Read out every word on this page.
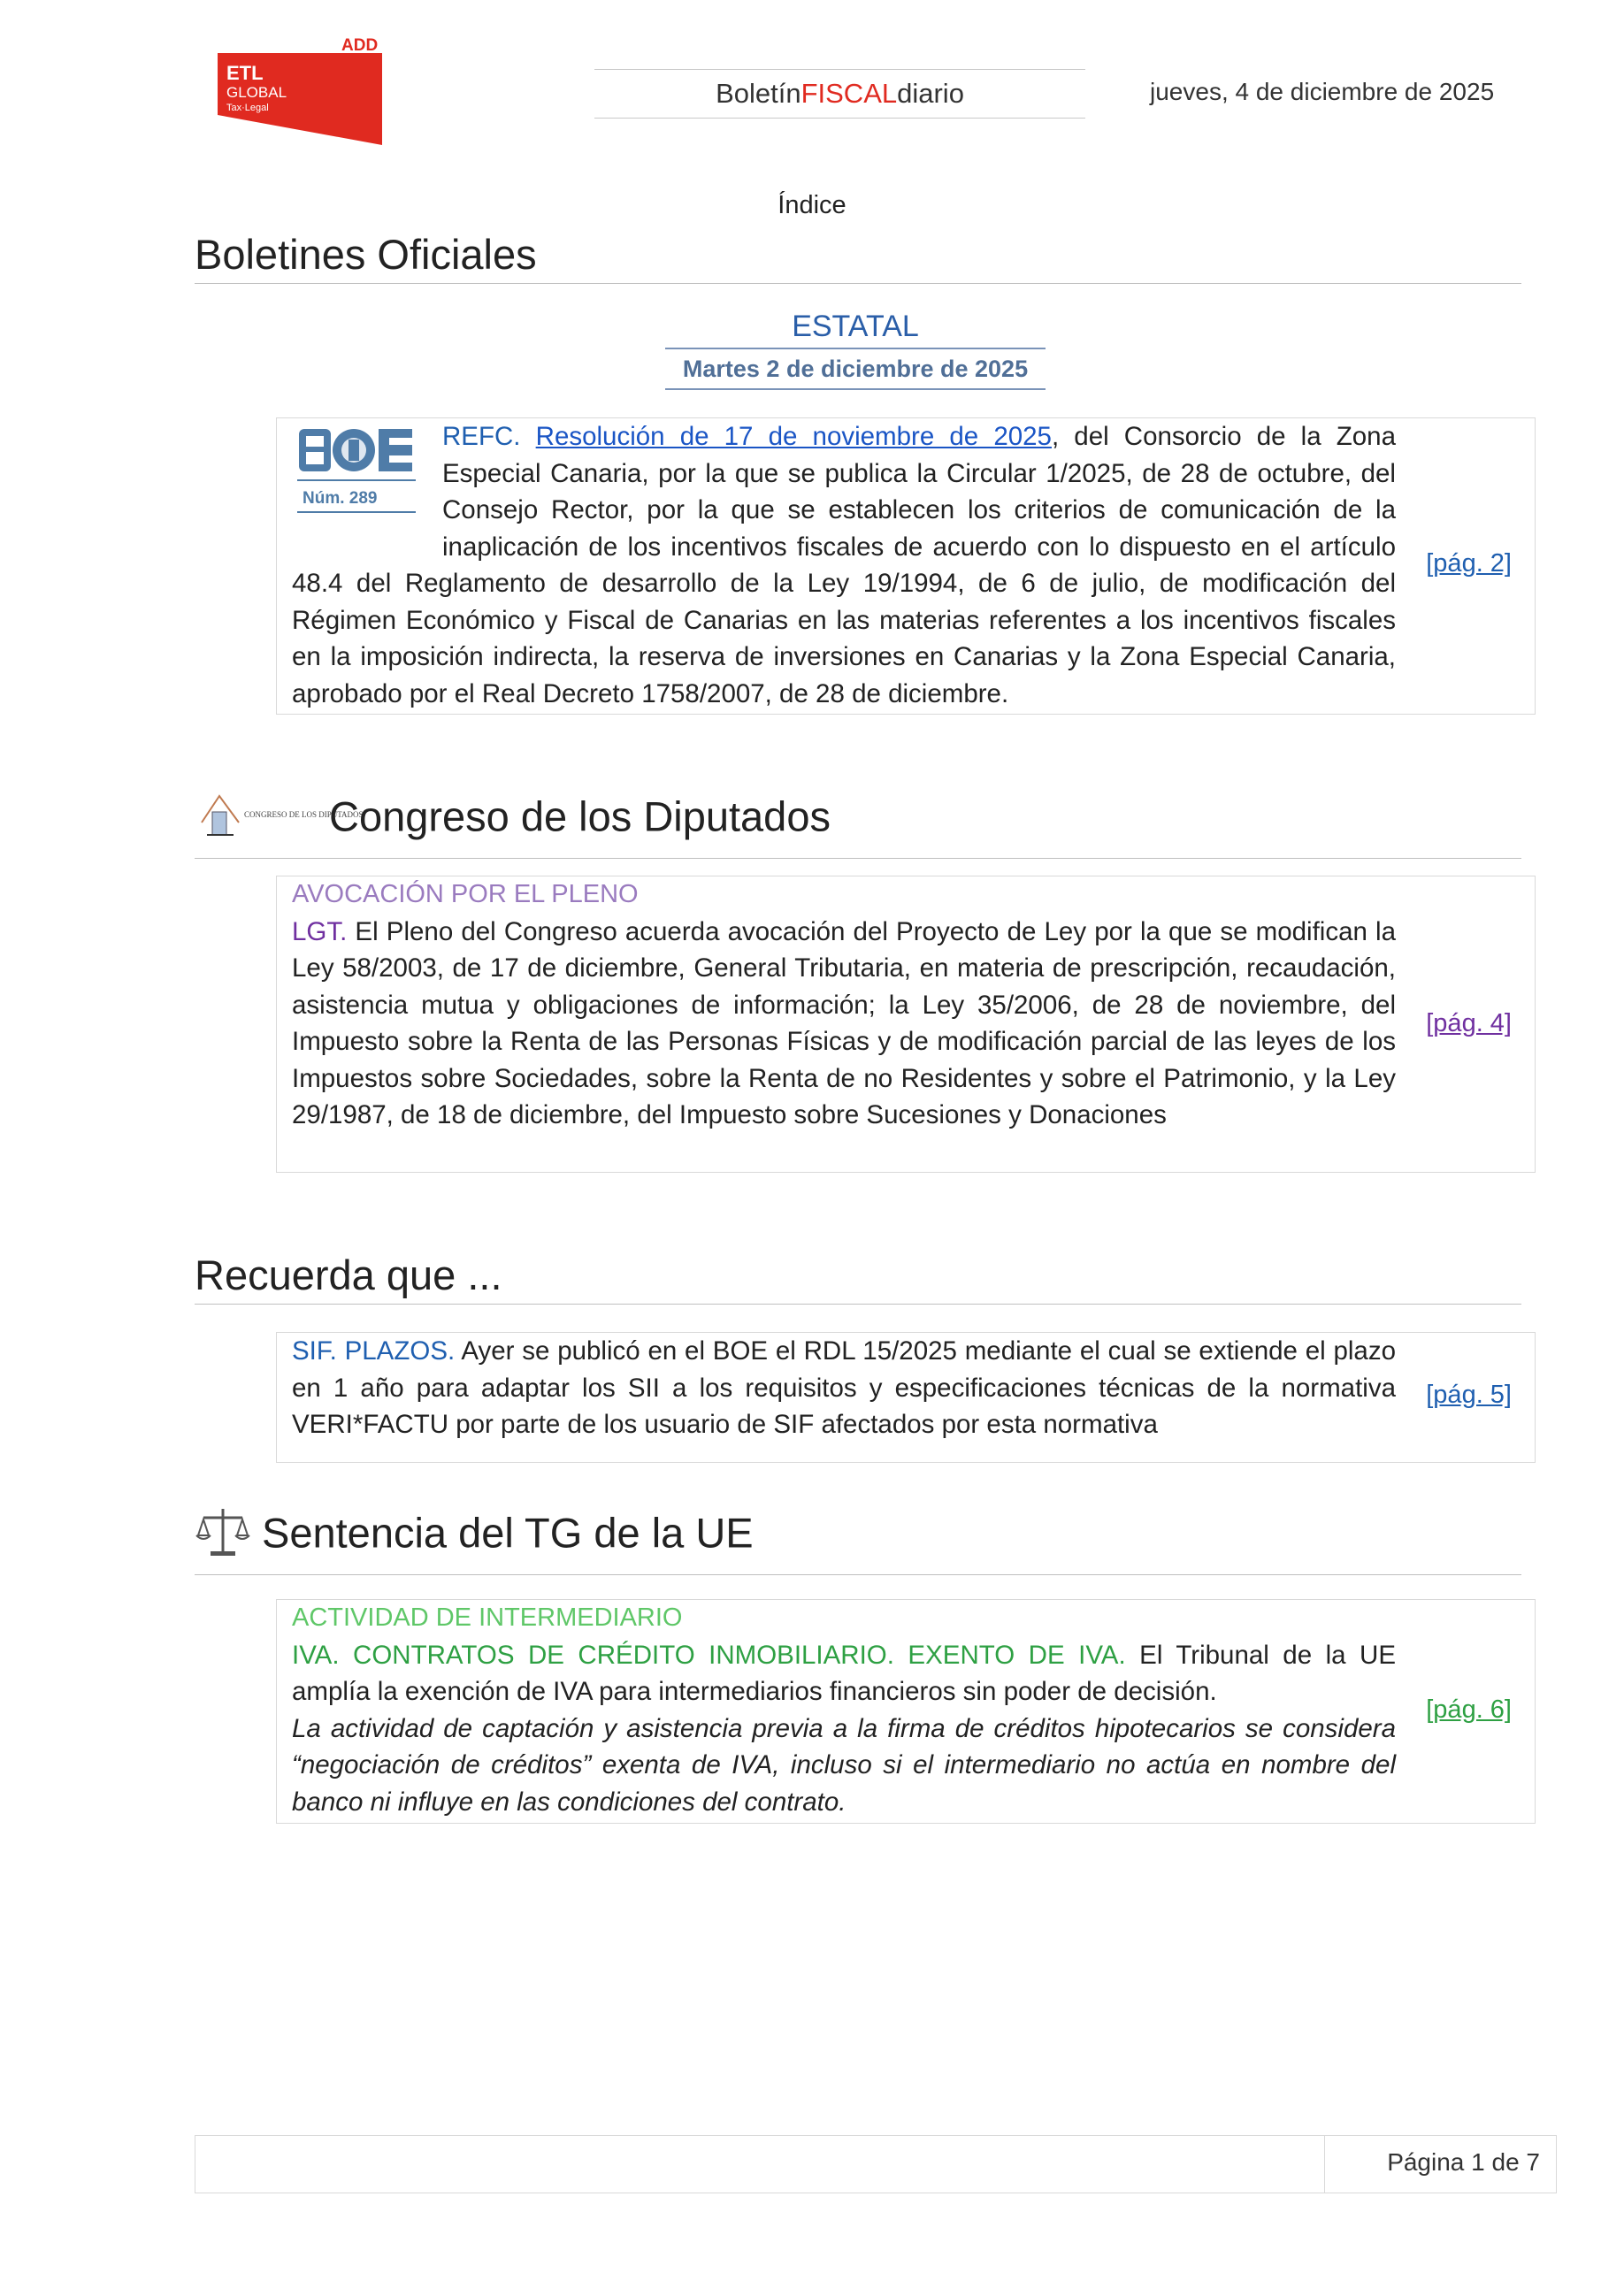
ADD
ETL
GLOBAL
Tax·Legal	Boletín FISCAL diario	jueves, 4 de diciembre de 2025
Índice
Boletines Oficiales
ESTATAL
Martes 2 de diciembre de 2025
Núm. 289
REFC. Resolución de 17 de noviembre de 2025, del Consorcio de la Zona Especial Canaria, por la que se publica la Circular 1/2025, de 28 de octubre, del Consejo Rector, por la que se establecen los criterios de comunicación de la inaplicación de los incentivos fiscales de acuerdo con lo dispuesto en el artículo 48.4 del Reglamento de desarrollo de la Ley 19/1994, de 6 de julio, de modificación del Régimen Económico y Fiscal de Canarias en las materias referentes a los incentivos fiscales en la imposición indirecta, la reserva de inversiones en Canarias y la Zona Especial Canaria, aprobado por el Real Decreto 1758/2007, de 28 de diciembre.
[pág. 2]
CONGRESO DE LOS DIPUTADOS
Congreso de los Diputados
AVOCACIÓN POR EL PLENO
LGT. El Pleno del Congreso acuerda avocación del Proyecto de Ley por la que se modifican la Ley 58/2003, de 17 de diciembre, General Tributaria, en materia de prescripción, recaudación, asistencia mutua y obligaciones de información; la Ley 35/2006, de 28 de noviembre, del Impuesto sobre la Renta de las Personas Físicas y de modificación parcial de las leyes de los Impuestos sobre Sociedades, sobre la Renta de no Residentes y sobre el Patrimonio, y la Ley 29/1987, de 18 de diciembre, del Impuesto sobre Sucesiones y Donaciones
[pág. 4]
Recuerda que ...
SIF. PLAZOS. Ayer se publicó en el BOE el RDL 15/2025 mediante el cual se extiende el plazo en 1 año para adaptar los SII a los requisitos y especificaciones técnicas de la normativa VERI*FACTU por parte de los usuario de SIF afectados por esta normativa
[pág. 5]
Sentencia del TG de la UE
ACTIVIDAD DE INTERMEDIARIO
IVA. CONTRATOS DE CRÉDITO INMOBILIARIO. EXENTO DE IVA. El Tribunal de la UE amplía la exención de IVA para intermediarios financieros sin poder de decisión.
La actividad de captación y asistencia previa a la firma de créditos hipotecarios se considera “negociación de créditos” exenta de IVA, incluso si el intermediario no actúa en nombre del banco ni influye en las condiciones del contrato.
[pág. 6]
Página 1 de 7
